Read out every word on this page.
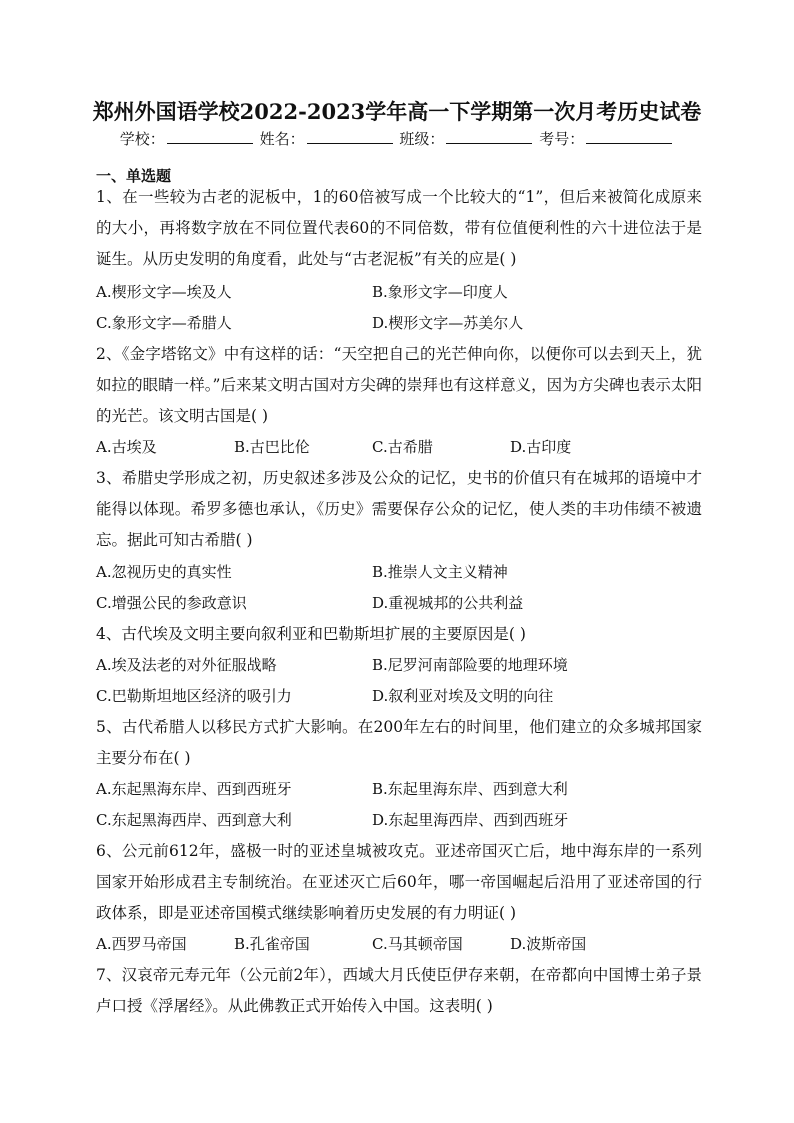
郑州外国语学校2022-2023学年高一下学期第一次月考历史试卷
学校：	姓名：	班级：	考号：
一、单选题

1、在一些较为古老的泥板中，1的60倍被写成一个比较大的“1”，但后来被简化成原来的大小，再将数字放在不同位置代表60的不同倍数，带有位值便利性的六十进位法于是诞生。从历史发明的角度看，此处与“古老泥板”有关的应是( )

A.楔形文字—埃及人	B.象形文字—印度人
C.象形文字—希腊人	D.楔形文字—苏美尔人

2、《金字塔铭文》中有这样的话：“天空把自己的光芒伸向你，以便你可以去到天上，犹如拉的眼睛一样。”后来某文明古国对方尖碑的崇拜也有这样意义，因为方尖碑也表示太阳的光芒。该文明古国是( )

A.古埃及	B.古巴比伦	C.古希腊	D.古印度

3、希腊史学形成之初，历史叙述多涉及公众的记忆，史书的价值只有在城邦的语境中才能得以体现。希罗多德也承认，《历史》需要保存公众的记忆，使人类的丰功伟绩不被遗忘。据此可知古希腊( )

A.忽视历史的真实性	B.推崇人文主义精神
C.增强公民的参政意识	D.重视城邦的公共利益

4、古代埃及文明主要向叙利亚和巴勒斯坦扩展的主要原因是( )

A.埃及法老的对外征服战略	B.尼罗河南部险要的地理环境
C.巴勒斯坦地区经济的吸引力	D.叙利亚对埃及文明的向往

5、古代希腊人以移民方式扩大影响。在200年左右的时间里，他们建立的众多城邦国家主要分布在( )

A.东起黑海东岸、西到西班牙	B.东起里海东岸、西到意大利
C.东起黑海西岸、西到意大利	D.东起里海西岸、西到西班牙

6、公元前612年，盛极一时的亚述皇城被攻克。亚述帝国灭亡后，地中海东岸的一系列国家开始形成君主专制统治。在亚述灭亡后60年，哪一帝国崛起后沿用了亚述帝国的行政体系，即是亚述帝国模式继续影响着历史发展的有力明证( )

A.西罗马帝国	B.孔雀帝国	C.马其顿帝国	D.波斯帝国

7、汉哀帝元寿元年（公元前2年），西域大月氏使臣伊存来朝，在帝都向中国博士弟子景卢口授《浮屠经》。从此佛教正式开始传入中国。这表明( )
